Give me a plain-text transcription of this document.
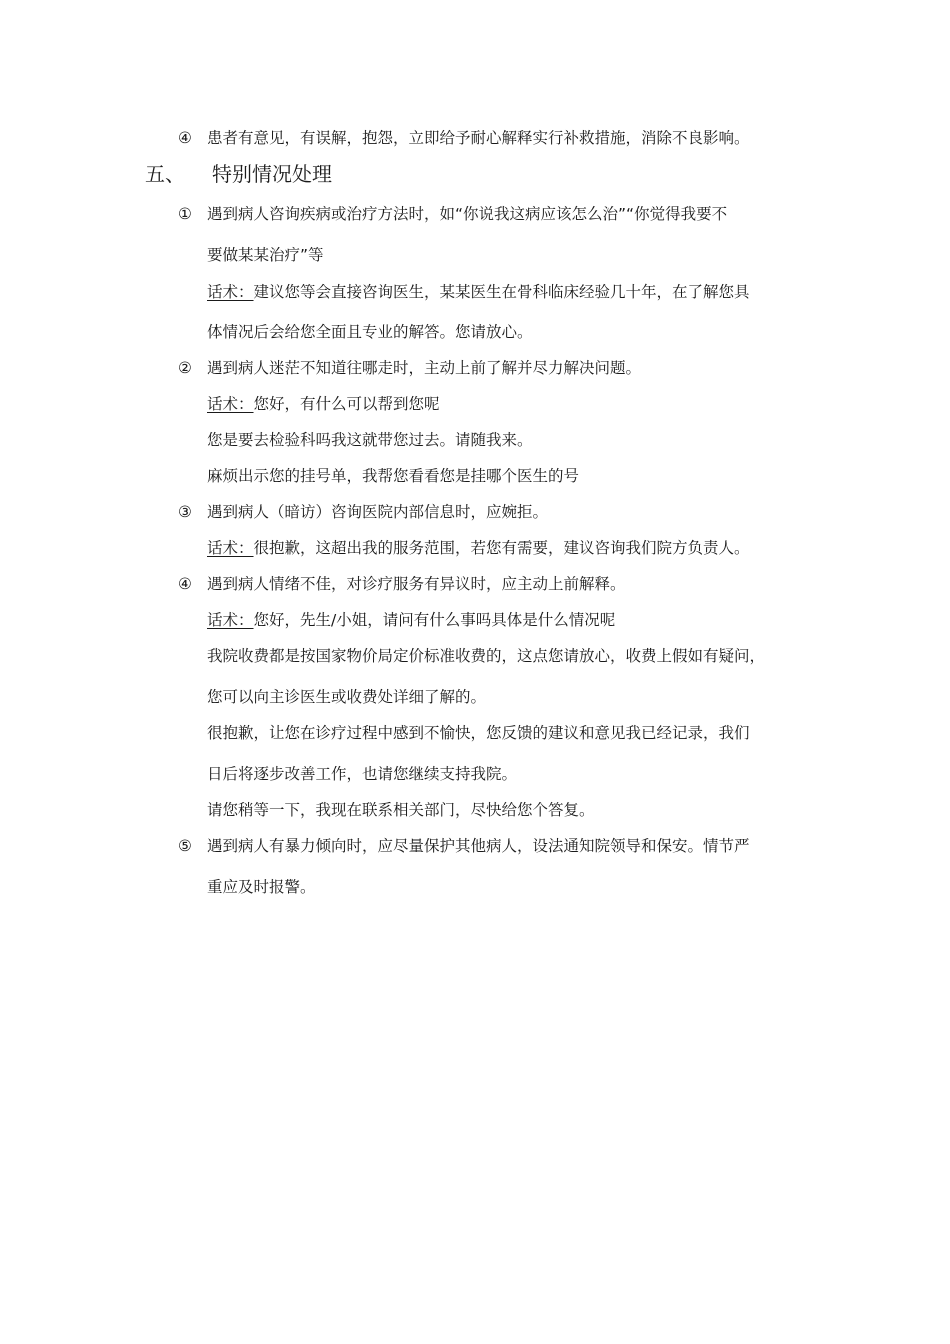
④ 患者有意见，有误解，抱怨，立即给予耐心解释实行补救措施，消除不良影响。
五、 特别情况处理
① 遇到病人咨询疾病或治疗方法时，如“你说我这病应该怎么治”“你觉得我要不
要做某某治疗”等
话术：建议您等会直接咨询医生，某某医生在骨科临床经验几十年，在了解您具
体情况后会给您全面且专业的解答。您请放心。
② 遇到病人迷茫不知道往哪走时，主动上前了解并尽力解决问题。
话术：您好，有什么可以帮到您呢
您是要去检验科吗我这就带您过去。请随我来。
麻烦出示您的挂号单，我帮您看看您是挂哪个医生的号
③ 遇到病人（暗访）咨询医院内部信息时，应婉拒。
话术：很抱歉，这超出我的服务范围，若您有需要，建议咨询我们院方负责人。
④ 遇到病人情绪不佳，对诊疗服务有异议时，应主动上前解释。
话术：您好，先生/小姐，请问有什么事吗具体是什么情况呢
我院收费都是按国家物价局定价标准收费的，这点您请放心，收费上假如有疑问，
您可以向主诊医生或收费处详细了解的。
很抱歉，让您在诊疗过程中感到不愉快，您反馈的建议和意见我已经记录，我们
日后将逐步改善工作，也请您继续支持我院。
请您稍等一下，我现在联系相关部门，尽快给您个答复。
⑤ 遇到病人有暴力倾向时，应尽量保护其他病人，设法通知院领导和保安。情节严
重应及时报警。
